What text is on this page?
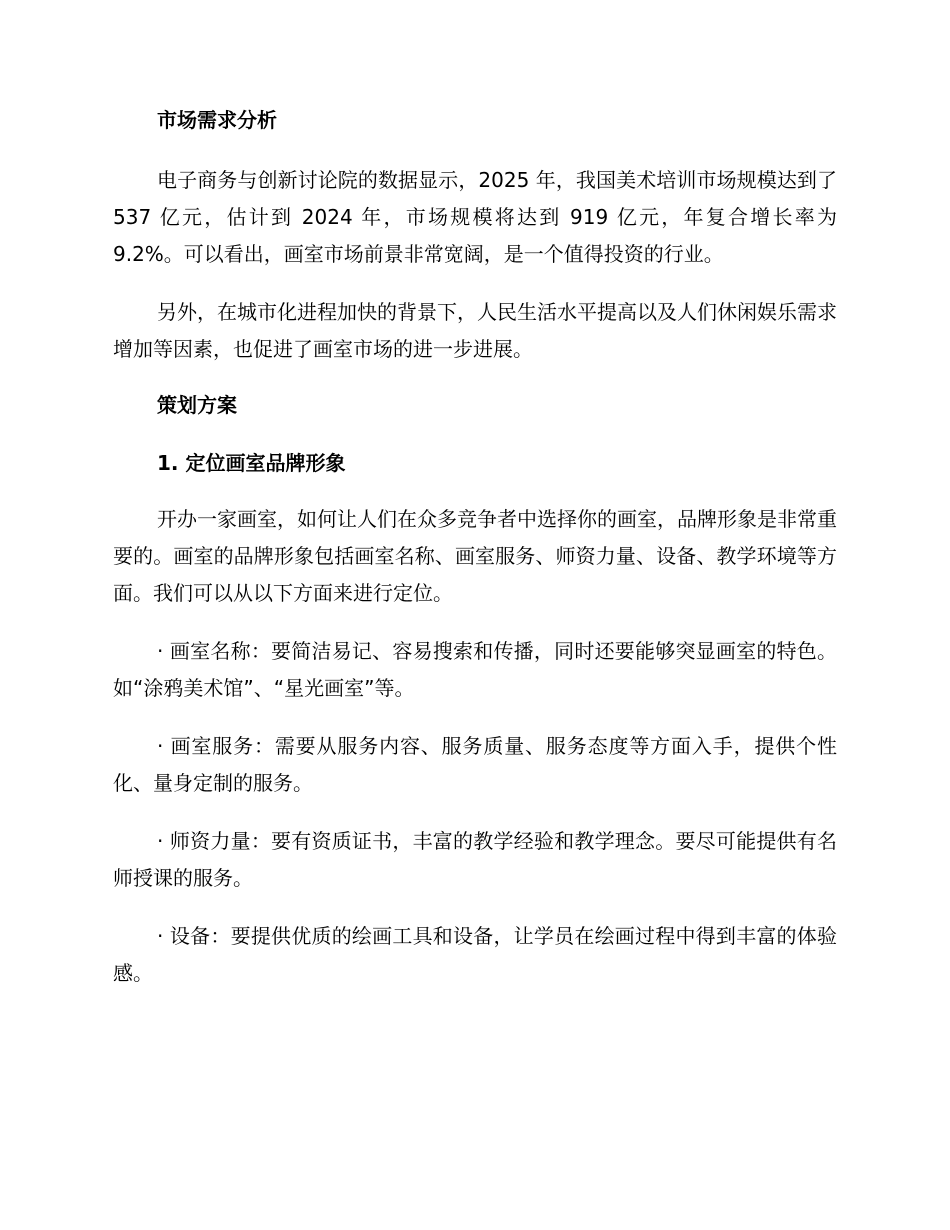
市场需求分析

电子商务与创新讨论院的数据显示，2025 年，我国美术培训市场规模达到了 537 亿元，估计到 2024 年，市场规模将达到 919 亿元，年复合增长率为 9.2%。可以看出，画室市场前景非常宽阔，是一个值得投资的行业。

另外，在城市化进程加快的背景下，人民生活水平提高以及人们休闲娱乐需求增加等因素，也促进了画室市场的进一步进展。

策划方案
1. 定位画室品牌形象

开办一家画室，如何让人们在众多竞争者中选择你的画室，品牌形象是非常重要的。画室的品牌形象包括画室名称、画室服务、师资力量、设备、教学环境等方面。我们可以从以下方面来进行定位。

· 画室名称：要简洁易记、容易搜索和传播，同时还要能够突显画室的特色。如“涂鸦美术馆”、“星光画室”等。

· 画室服务：需要从服务内容、服务质量、服务态度等方面入手，提供个性化、量身定制的服务。

· 师资力量：要有资质证书，丰富的教学经验和教学理念。要尽可能提供有名师授课的服务。

· 设备：要提供优质的绘画工具和设备，让学员在绘画过程中得到丰富的体验感。
